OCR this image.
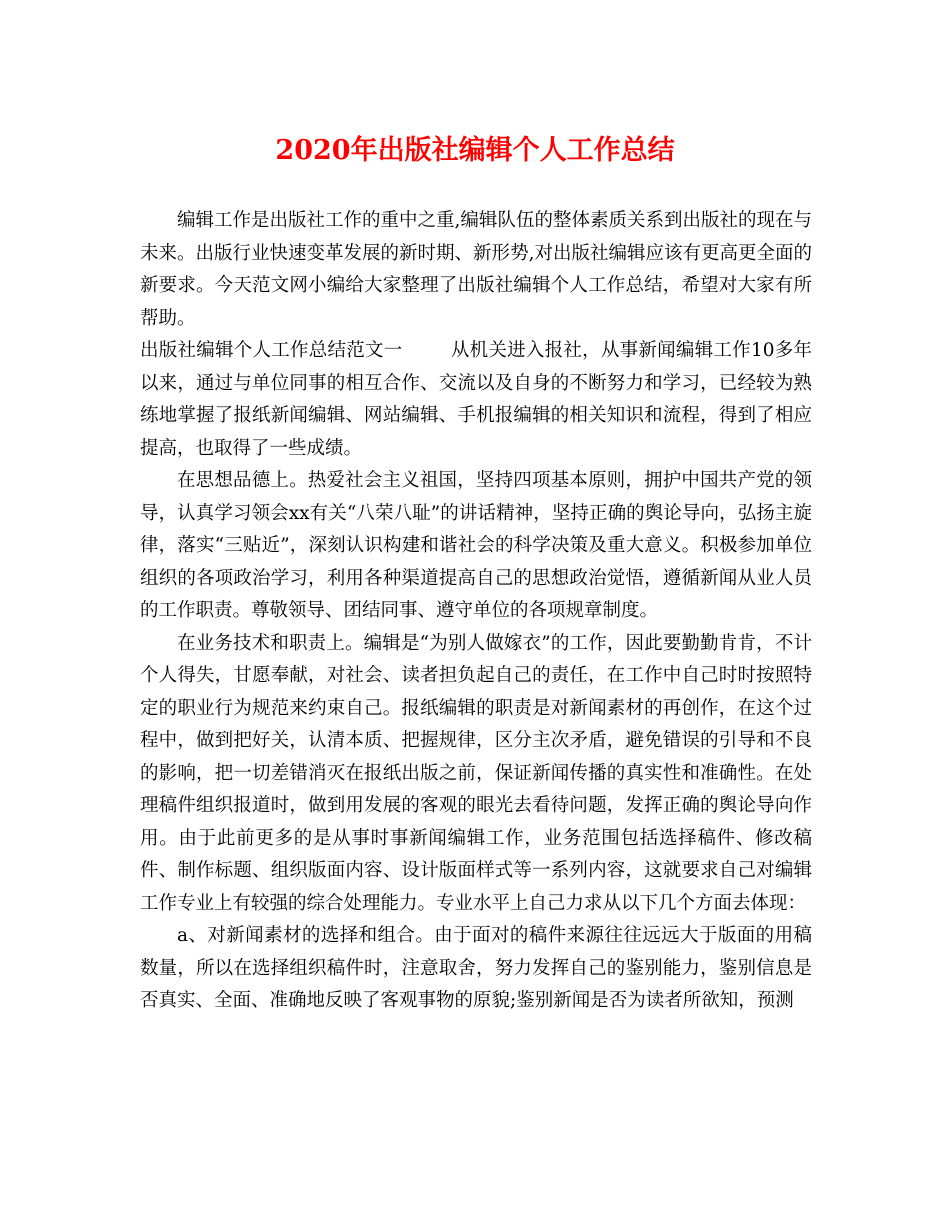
2020年出版社编辑个人工作总结

编辑工作是出版社工作的重中之重,编辑队伍的整体素质关系到出版社的现在与未来。出版行业快速变革发展的新时期、新形势,对出版社编辑应该有更高更全面的新要求。今天范文网小编给大家整理了出版社编辑个人工作总结，希望对大家有所帮助。

出版社编辑个人工作总结范文一	从机关进入报社，从事新闻编辑工作10多年以来，通过与单位同事的相互合作、交流以及自身的不断努力和学习，已经较为熟练地掌握了报纸新闻编辑、网站编辑、手机报编辑的相关知识和流程，得到了相应提高，也取得了一些成绩。

在思想品德上。热爱社会主义祖国，坚持四项基本原则，拥护中国共产党的领导，认真学习领会xx有关“八荣八耻”的讲话精神，坚持正确的舆论导向，弘扬主旋律，落实“三贴近”，深刻认识构建和谐社会的科学决策及重大意义。积极参加单位组织的各项政治学习，利用各种渠道提高自己的思想政治觉悟，遵循新闻从业人员的工作职责。尊敬领导、团结同事、遵守单位的各项规章制度。

在业务技术和职责上。编辑是“为别人做嫁衣”的工作，因此要勤勤肯肯，不计个人得失，甘愿奉献，对社会、读者担负起自己的责任，在工作中自己时时按照特定的职业行为规范来约束自己。报纸编辑的职责是对新闻素材的再创作，在这个过程中，做到把好关，认清本质、把握规律，区分主次矛盾，避免错误的引导和不良的影响，把一切差错消灭在报纸出版之前，保证新闻传播的真实性和准确性。在处理稿件组织报道时，做到用发展的客观的眼光去看待问题，发挥正确的舆论导向作用。由于此前更多的是从事时事新闻编辑工作，业务范围包括选择稿件、修改稿件、制作标题、组织版面内容、设计版面样式等一系列内容，这就要求自己对编辑工作专业上有较强的综合处理能力。专业水平上自己力求从以下几个方面去体现：

a、对新闻素材的选择和组合。由于面对的稿件来源往往远远大于版面的用稿数量，所以在选择组织稿件时，注意取舍，努力发挥自己的鉴别能力，鉴别信息是否真实、全面、准确地反映了客观事物的原貌;鉴别新闻是否为读者所欲知，预测
